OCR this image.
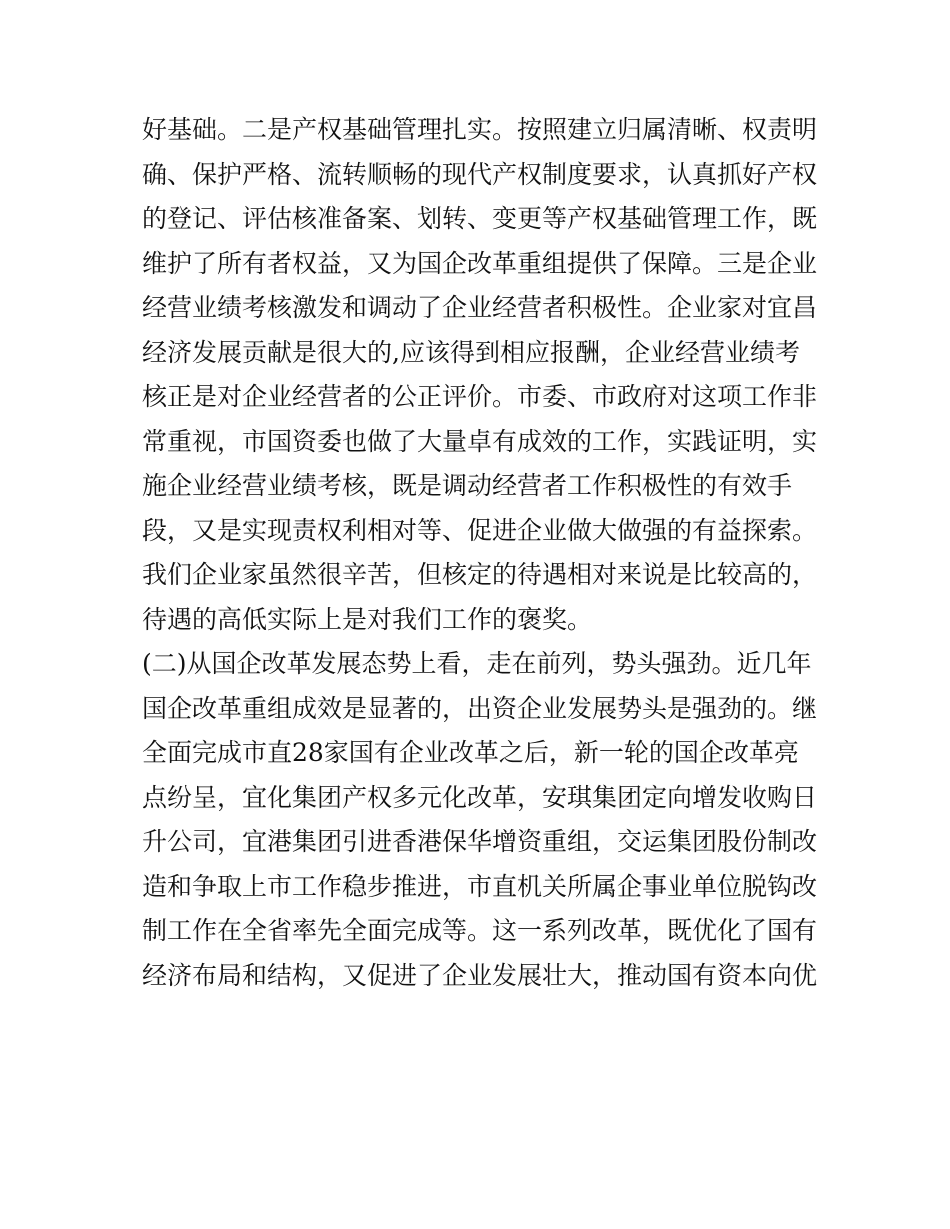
好基础。二是产权基础管理扎实。按照建立归属清晰、权责明
确、保护严格、流转顺畅的现代产权制度要求，认真抓好产权
的登记、评估核准备案、划转、变更等产权基础管理工作，既
维护了所有者权益，又为国企改革重组提供了保障。三是企业
经营业绩考核激发和调动了企业经营者积极性。企业家对宜昌
经济发展贡献是很大的,应该得到相应报酬，企业经营业绩考
核正是对企业经营者的公正评价。市委、市政府对这项工作非
常重视，市国资委也做了大量卓有成效的工作，实践证明，实
施企业经营业绩考核，既是调动经营者工作积极性的有效手
段，又是实现责权利相对等、促进企业做大做强的有益探索。
我们企业家虽然很辛苦，但核定的待遇相对来说是比较高的，
待遇的高低实际上是对我们工作的褒奖。
(二)从国企改革发展态势上看，走在前列，势头强劲。近几年
国企改革重组成效是显著的，出资企业发展势头是强劲的。继
全面完成市直28家国有企业改革之后，新一轮的国企改革亮
点纷呈，宜化集团产权多元化改革，安琪集团定向增发收购日
升公司，宜港集团引进香港保华增资重组，交运集团股份制改
造和争取上市工作稳步推进，市直机关所属企事业单位脱钩改
制工作在全省率先全面完成等。这一系列改革，既优化了国有
经济布局和结构，又促进了企业发展壮大，推动国有资本向优
